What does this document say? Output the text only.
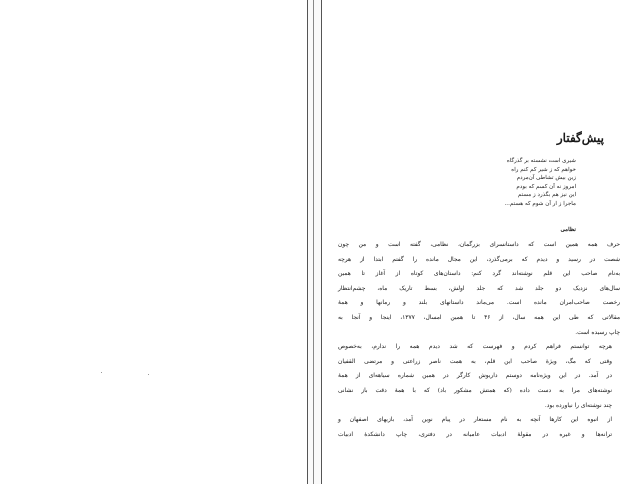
پیش‌گفتار
شیری است نشسته بر گذرگاه
خواهم که ز شیر کم کنم راه
زین بیش تشاطی آن‌مردم
امروز نه آن کسم که بودم
این نیز هم بگذرد ز مستم
ماجرا ز ار آن شوم که هستم...
نظامی
حرف همه همین است که داستانسرای بزرگمان، نظامی، گفته است و من چون
شصت در رسید و دیدم که برمی‌گذرد، این مجال مانده را گفتم ابتدا از هرچه
به‌نام صاحب این قلم نوشته‌اند گرد کنم: داستان‌های کوتاه از آغاز تا همین
سال‌های نزدیک دو جلد شد که جلد اولش، بسط تاریک ماه، چشم‌انتظار
رخصت صاحب‌امران مانده است. می‌ماند داستانهای بلند و رمانها و همهٔ
مقالاتی که طی این همه سال، از ۴۶ تا همین امسال، ۱۳۷۷، اینجا و آنجا به
چاپ رسیده است.
هرچه توانستم فراهم کردم و فهرست که شد دیدم همه را ندارم، به‌خصوص
وقتی که مگ، ویژهٔ صاحب این قلم، به همت ناصر زراعتی و مرتضی القفیان
در آمد. در این ویژه‌نامه دوستم داریوش کارگر در همین شماره سیاهه‌ای از همهٔ
نوشته‌های مرا به دست داده (که همتش مشکور باد) که با همهٔ دقت باز نشانی
چند نوشته‌ای را نیاورده بود.
از انبوه این کارها آنچه به نام مستعار در پیام نوین آمد، بازیهای اصفهان و
ترانه‌ها و غیره در مقولهٔ ادبیات عامیانه در دفتری، چاپ دانشکدهٔ ادبیات
